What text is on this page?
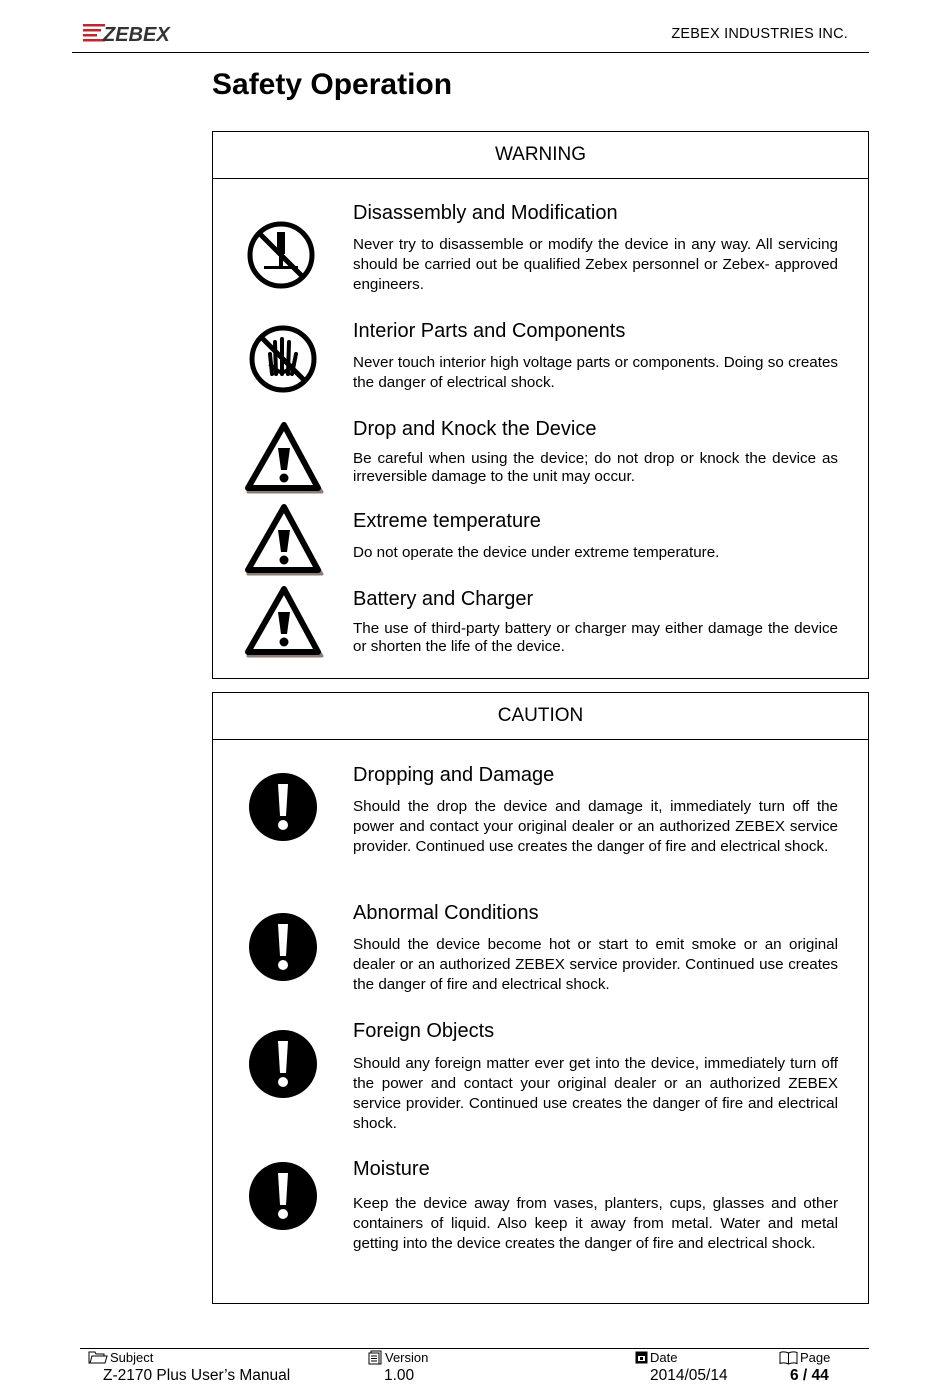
ZEBEX	ZEBEX INDUSTRIES INC.
Safety Operation
WARNING
Disassembly and Modification

Never try to disassemble or modify the device in any way. All servicing should be carried out be qualified Zebex personnel or Zebex- approved engineers.

Interior Parts and Components

Never touch interior high voltage parts or components. Doing so creates the danger of electrical shock.

Drop and Knock the Device

Be careful when using the device; do not drop or knock the device as irreversible damage to the unit may occur.

Extreme temperature

Do not operate the device under extreme temperature.

Battery and Charger

The use of third-party battery or charger may either damage the device or shorten the life of the device.

CAUTION
Dropping and Damage

Should the drop the device and damage it, immediately turn off the power and contact your original dealer or an authorized ZEBEX service provider. Continued use creates the danger of fire and electrical shock.

Abnormal Conditions

Should the device become hot or start to emit smoke or an original dealer or an authorized ZEBEX service provider. Continued use creates the danger of fire and electrical shock.

Foreign Objects

Should any foreign matter ever get into the device, immediately turn off the power and contact your original dealer or an authorized ZEBEX service provider. Continued use creates the danger of fire and electrical shock.

Moisture

Keep the device away from vases, planters, cups, glasses and other containers of liquid. Also keep it away from metal. Water and metal getting into the device creates the danger of fire and electrical shock.

Subject
Z-2170 Plus User’s Manual
Version
1.00
Date
2014/05/14
Page
6 / 44
